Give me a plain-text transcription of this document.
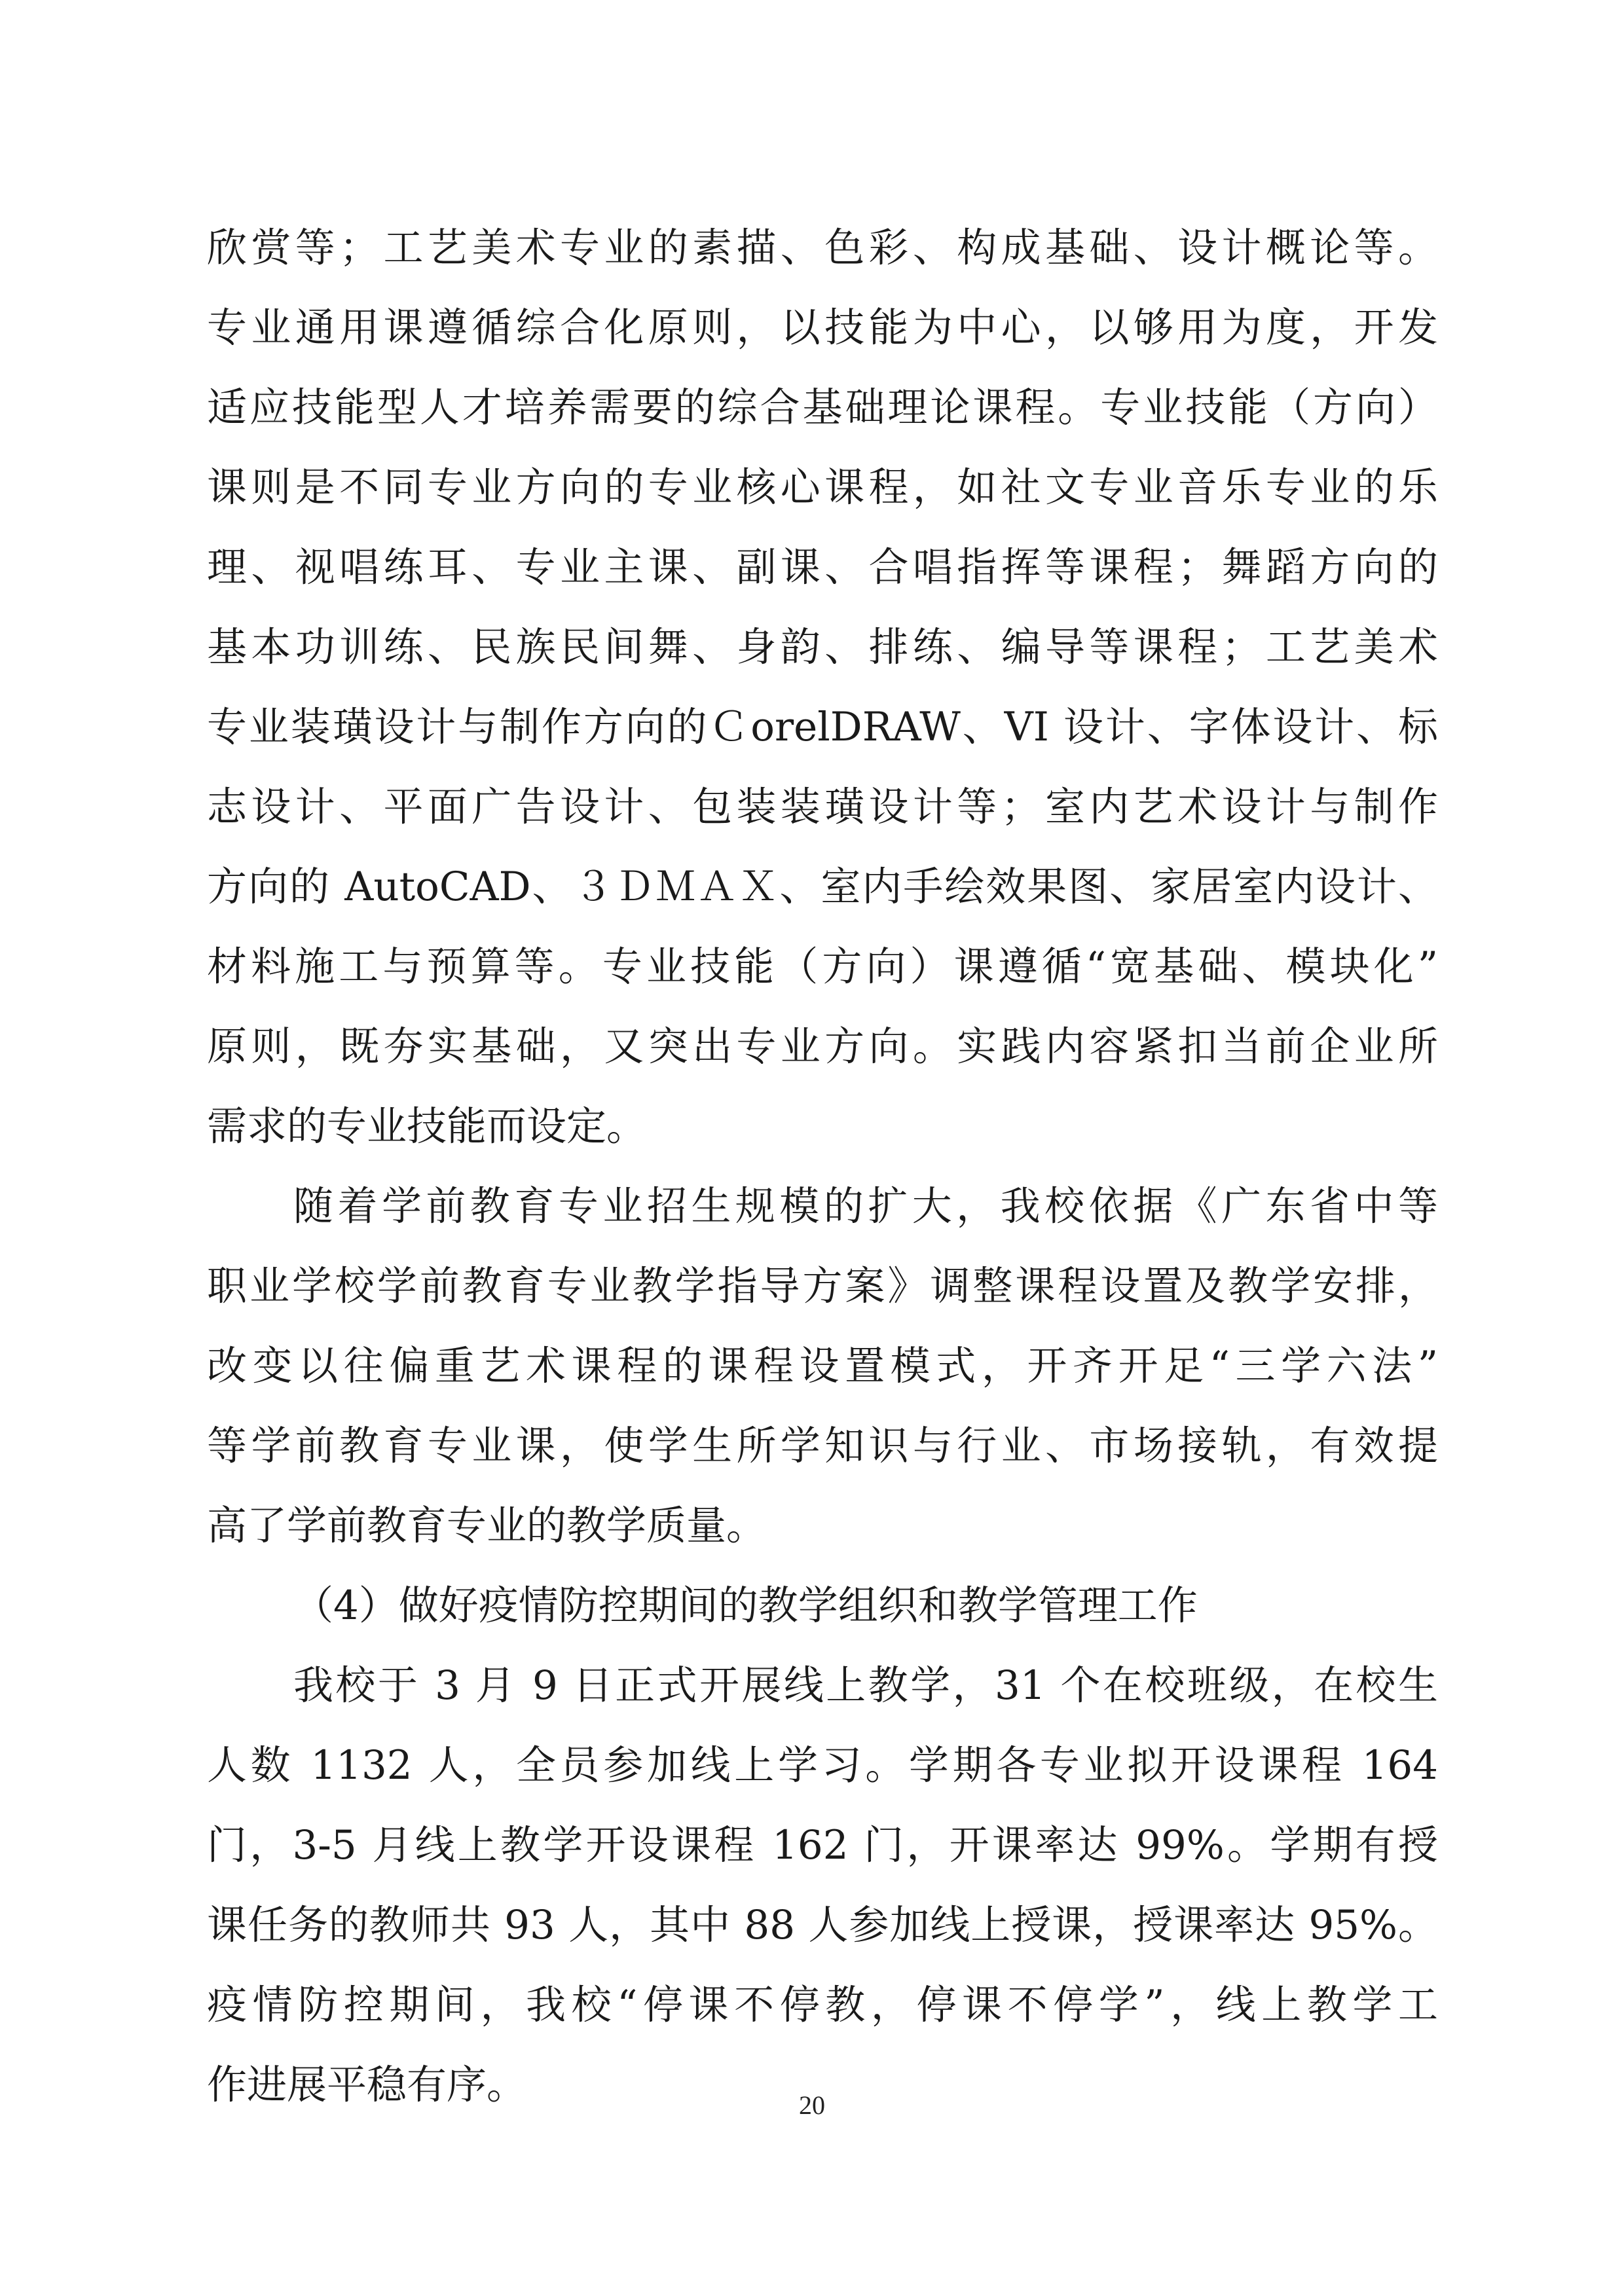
欣赏等；工艺美术专业的素描、色彩、构成基础、设计概论等。
专业通用课遵循综合化原则，以技能为中心，以够用为度，开发
适应技能型人才培养需要的综合基础理论课程。专业技能（方向）
课则是不同专业方向的专业核心课程，如社文专业音乐专业的乐
理、视唱练耳、专业主课、副课、合唱指挥等课程；舞蹈方向的
基本功训练、民族民间舞、身韵、排练、编导等课程；工艺美术
专业装璜设计与制作方向的ＣorelDRAW、VI 设计、字体设计、标
志设计、平面广告设计、包装装璜设计等；室内艺术设计与制作
方向的 AutoCAD、３ＤＭＡＸ、室内手绘效果图、家居室内设计、
材料施工与预算等。专业技能（方向）课遵循“宽基础、模块化”
原则，既夯实基础，又突出专业方向。实践内容紧扣当前企业所
需求的专业技能而设定。
随着学前教育专业招生规模的扩大，我校依据《广东省中等
职业学校学前教育专业教学指导方案》调整课程设置及教学安排，
改变以往偏重艺术课程的课程设置模式，开齐开足“三学六法”
等学前教育专业课，使学生所学知识与行业、市场接轨，有效提
高了学前教育专业的教学质量。
（4）做好疫情防控期间的教学组织和教学管理工作
我校于 3 月 9 日正式开展线上教学，31 个在校班级，在校生
人数 1132 人，全员参加线上学习。学期各专业拟开设课程 164
门，3-5 月线上教学开设课程 162 门，开课率达 99%。学期有授
课任务的教师共 93 人，其中 88 人参加线上授课，授课率达 95%。
疫情防控期间，我校“停课不停教，停课不停学”，线上教学工
作进展平稳有序。	20
